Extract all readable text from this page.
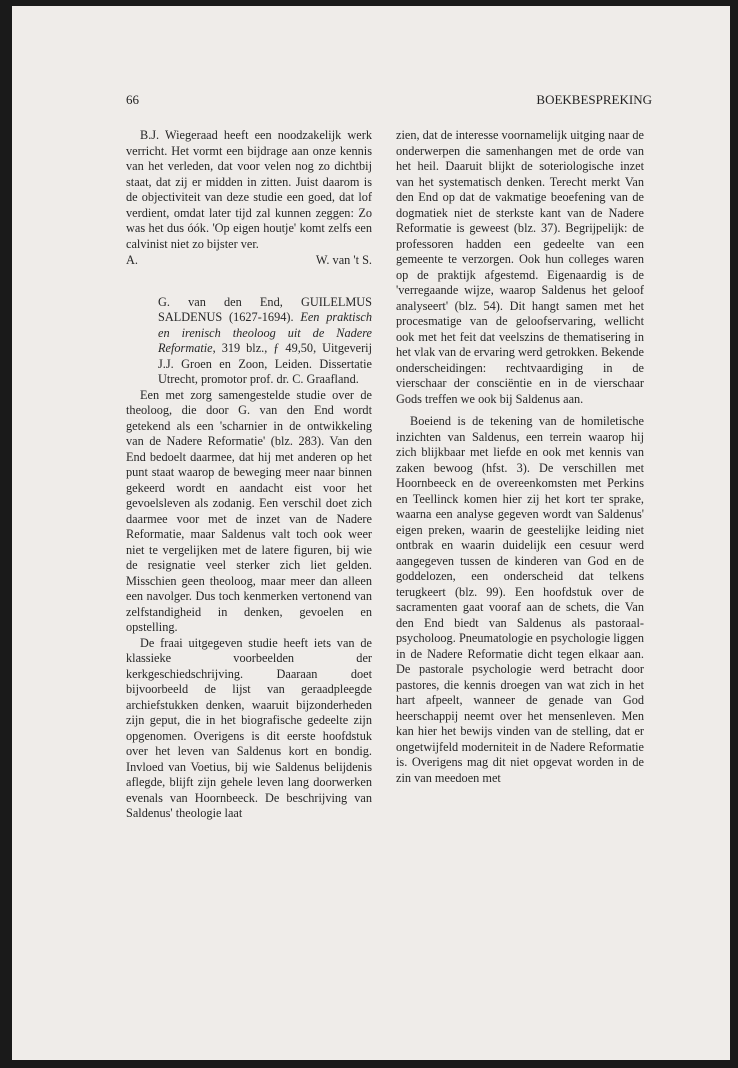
66	BOEKBESPREKING

B.J. Wiegeraad heeft een noodzakelijk werk verricht. Het vormt een bijdrage aan onze kennis van het verleden, dat voor velen nog zo dichtbij staat, dat zij er midden in zitten. Juist daarom is de objectiviteit van deze studie een goed, dat lof verdient, omdat later tijd zal kunnen zeggen: Zo was het dus óók. 'Op eigen houtje' komt zelfs een calvinist niet zo bijster ver.

A.	W. van 't S.
G. van den End, GUILELMUS SALDENUS (1627-1694). Een praktisch en irenisch theoloog uit de Nadere Reformatie, 319 blz., ƒ 49,50, Uitgeverij J.J. Groen en Zoon, Leiden. Dissertatie Utrecht, promotor prof. dr. C. Graafland.

Een met zorg samengestelde studie over de theoloog, die door G. van den End wordt getekend als een 'scharnier in de ontwikkeling van de Nadere Reformatie' (blz. 283). Van den End bedoelt daarmee, dat hij met anderen op het punt staat waarop de beweging meer naar binnen gekeerd wordt en aandacht eist voor het gevoelsleven als zodanig. Een verschil doet zich daarmee voor met de inzet van de Nadere Reformatie, maar Saldenus valt toch ook weer niet te vergelijken met de latere figuren, bij wie de resignatie veel sterker zich liet gelden. Misschien geen theoloog, maar meer dan alleen een navolger. Dus toch kenmerken vertonend van zelfstandigheid in denken, gevoelen en opstelling.

De fraai uitgegeven studie heeft iets van de klassieke voorbeelden der kerkgeschiedschrijving. Daaraan doet bijvoorbeeld de lijst van geraadpleegde archiefstukken denken, waaruit bijzonderheden zijn geput, die in het biografische gedeelte zijn opgenomen. Overigens is dit eerste hoofdstuk over het leven van Saldenus kort en bondig. Invloed van Voetius, bij wie Saldenus belijdenis aflegde, blijft zijn gehele leven lang doorwerken evenals van Hoornbeeck. De beschrijving van Saldenus' theologie laat

zien, dat de interesse voornamelijk uitging naar de onderwerpen die samenhangen met de orde van het heil. Daaruit blijkt de soteriologische inzet van het systematisch denken. Terecht merkt Van den End op dat de vakmatige beoefening van de dogmatiek niet de sterkste kant van de Nadere Reformatie is geweest (blz. 37). Begrijpelijk: de professoren hadden een gedeelte van een gemeente te verzorgen. Ook hun colleges waren op de praktijk afgestemd. Eigenaardig is de 'verregaande wijze, waarop Saldenus het geloof analyseert' (blz. 54). Dit hangt samen met het procesmatige van de geloofservaring, wellicht ook met het feit dat veelszins de thematisering in het vlak van de ervaring werd getrokken. Bekende onderscheidingen: rechtvaardiging in de vierschaar der consciëntie en in de vierschaar Gods treffen we ook bij Saldenus aan.

Boeiend is de tekening van de homiletische inzichten van Saldenus, een terrein waarop hij zich blijkbaar met liefde en ook met kennis van zaken bewoog (hfst. 3). De verschillen met Hoornbeeck en de overeenkomsten met Perkins en Teellinck komen hier zij het kort ter sprake, waarna een analyse gegeven wordt van Saldenus' eigen preken, waarin de geestelijke leiding niet ontbrak en waarin duidelijk een cesuur werd aangegeven tussen de kinderen van God en de goddelozen, een onderscheid dat telkens terugkeert (blz. 99). Een hoofdstuk over de sacramenten gaat vooraf aan de schets, die Van den End biedt van Saldenus als pastoraal-psycholoog. Pneumatologie en psychologie liggen in de Nadere Reformatie dicht tegen elkaar aan. De pastorale psychologie werd betracht door pastores, die kennis droegen van wat zich in het hart afpeelt, wanneer de genade van God heerschappij neemt over het mensenleven. Men kan hier het bewijs vinden van de stelling, dat er ongetwijfeld moderniteit in de Nadere Reformatie is. Overigens mag dit niet opgevat worden in de zin van meedoen met
